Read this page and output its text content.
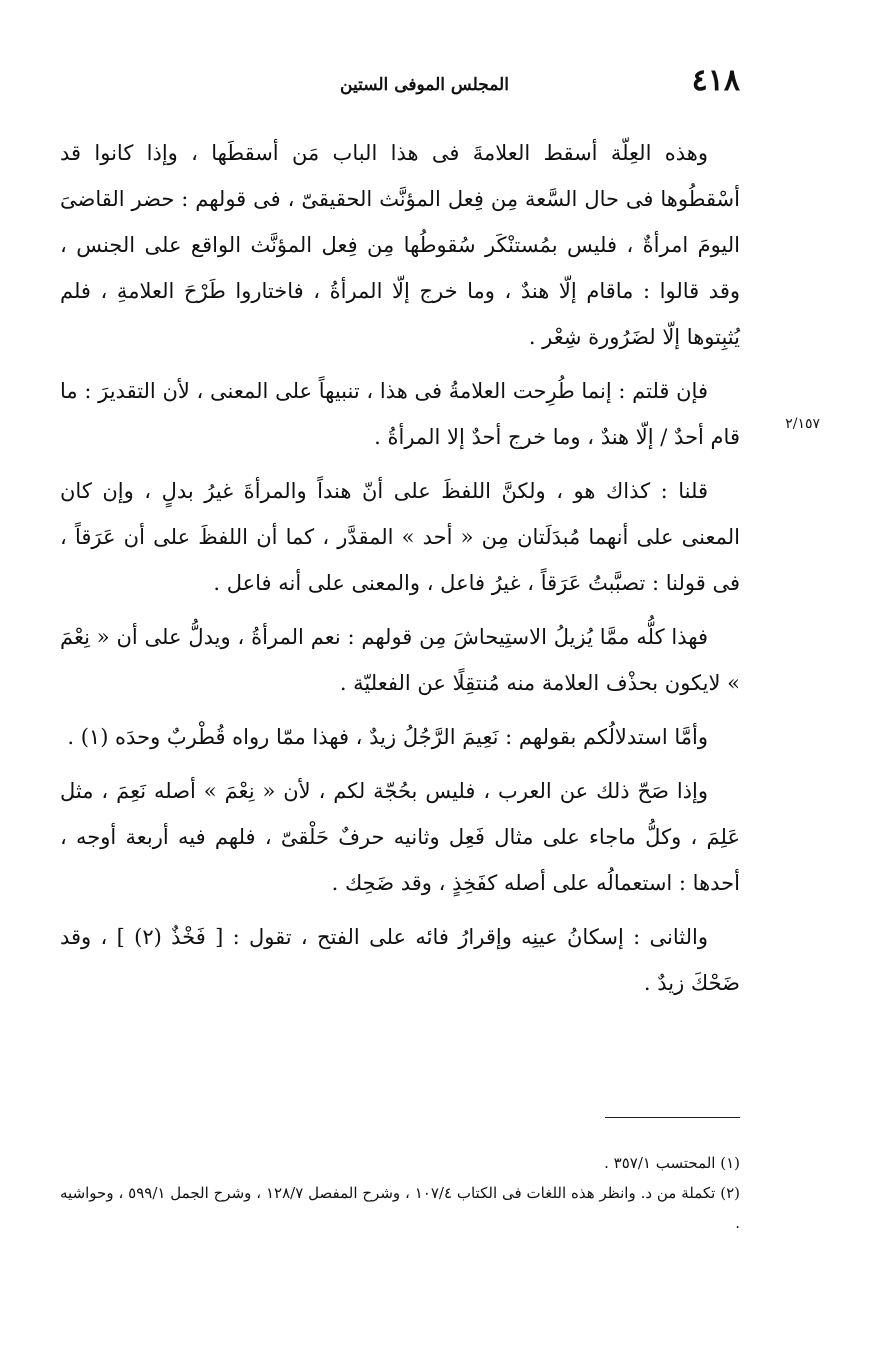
٤١٨
المجلس الموفى الستين

وهذه العِلّة أسقط العلامةَ فى هذا الباب مَن أسقطَها ، وإذا كانوا قد أسْقطُوها فى حال السَّعة مِن فِعل المؤنَّث الحقيقىّ ، فى قولهم : حضر القاضىَ اليومَ امرأةٌ ، فليس بمُستنْكَر سُقوطُها مِن فِعل المؤنَّث الواقع على الجنس ، وقد قالوا : ماقام إلّا هندٌ ، وما خرج إلّا المرأةُ ، فاختاروا طَرْحَ العلامةِ ، فلم يُثبِتوها إلّا لضَرُورة شِعْر .

فإن قلتم : إنما طُرِحت العلامةُ فى هذا ، تنبيهاً على المعنى ، لأن التقديرَ : ما قام أحدٌ / إلّا هندٌ ، وما خرج أحدٌ إلا المرأةُ .

٢/١٥٧

قلنا : كذاك هو ، ولكنَّ اللفظَ على أنّ هنداً والمرأةَ غيرُ بدلٍ ، وإن كان المعنى على أنهما مُبدَلَتان مِن « أحد » المقدَّر ، كما أن اللفظَ على أن عَرَقاً ، فى قولنا : تصبَّبتُ عَرَقاً ، غيرُ فاعل ، والمعنى على أنه فاعل .

فهذا كلُّه ممَّا يُزيلُ الاستِيحاشَ مِن قولهم : نعم المرأةُ ، ويدلُّ على أن « نِعْمَ » لايكون بحذْف العلامة منه مُنتقِلًا عن الفعليّة .

وأمَّا استدلالُكم بقولهم : نَعِيمَ الرَّجُلُ زيدٌ ، فهذا ممّا رواه قُطْربٌ وحدَه (١) .

وإذا صَحّ ذلك عن العرب ، فليس بحُجّة لكم ، لأن « نِعْمَ » أصله نَعِمَ ، مثل عَلِمَ ، وكلُّ ماجاء على مثال فَعِل وثانيه حرفٌ حَلْقىّ ، فلهم فيه أربعة أوجه ، أحدها : استعمالُه على أصله كفَخِذٍ ، وقد ضَحِك .

والثانى : إسكانُ عينِه وإقرارُ فائه على الفتح ، تقول : [ فَخْذٌ (٢) ] ، وقد ضَحْكَ زيدٌ .

(١) المحتسب ٣٥٧/١ .

(٢) تكملة من د. وانظر هذه اللغات فى الكتاب ١٠٧/٤ ، وشرح المفصل ١٢٨/٧ ، وشرح الجمل ٥٩٩/١ ، وحواشيه .
